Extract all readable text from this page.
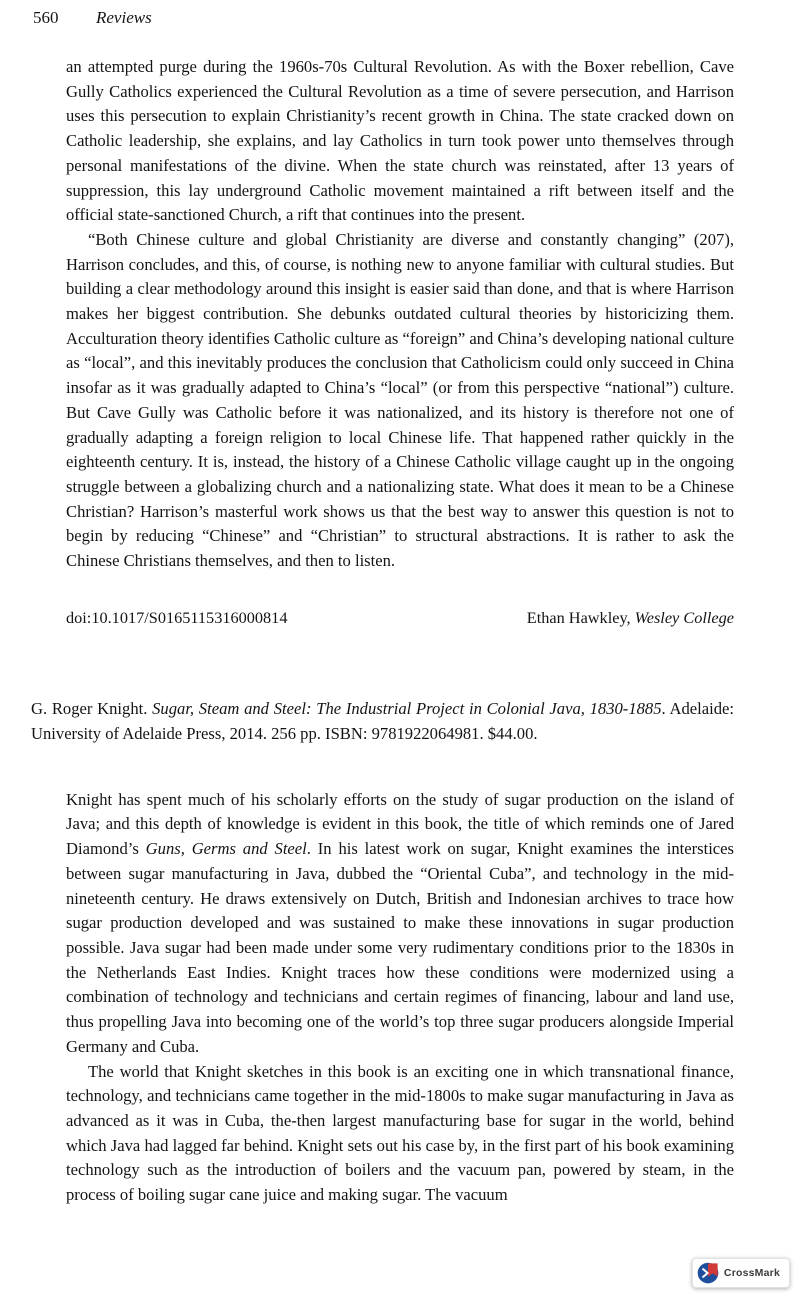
560	Reviews

an attempted purge during the 1960s-70s Cultural Revolution. As with the Boxer rebellion, Cave Gully Catholics experienced the Cultural Revolution as a time of severe persecution, and Harrison uses this persecution to explain Christianity’s recent growth in China. The state cracked down on Catholic leadership, she explains, and lay Catholics in turn took power unto themselves through personal manifestations of the divine. When the state church was reinstated, after 13 years of suppression, this lay underground Catholic movement maintained a rift between itself and the official state-sanctioned Church, a rift that continues into the present.

“Both Chinese culture and global Christianity are diverse and constantly changing” (207), Harrison concludes, and this, of course, is nothing new to anyone familiar with cultural studies. But building a clear methodology around this insight is easier said than done, and that is where Harrison makes her biggest contribution. She debunks outdated cultural theories by historicizing them. Acculturation theory identifies Catholic culture as “foreign” and China’s developing national culture as “local”, and this inevitably produces the conclusion that Catholicism could only succeed in China insofar as it was gradually adapted to China’s “local” (or from this perspective “national”) culture. But Cave Gully was Catholic before it was nationalized, and its history is therefore not one of gradually adapting a foreign religion to local Chinese life. That happened rather quickly in the eighteenth century. It is, instead, the history of a Chinese Catholic village caught up in the ongoing struggle between a globalizing church and a nationalizing state. What does it mean to be a Chinese Christian? Harrison’s masterful work shows us that the best way to answer this question is not to begin by reducing “Chinese” and “Christian” to structural abstractions. It is rather to ask the Chinese Christians themselves, and then to listen.

doi:10.1017/S0165115316000814	Ethan Hawkley, Wesley College
G. Roger Knight. Sugar, Steam and Steel: The Industrial Project in Colonial Java, 1830-1885. Adelaide: University of Adelaide Press, 2014. 256 pp. ISBN: 9781922064981. $44.00.

Knight has spent much of his scholarly efforts on the study of sugar production on the island of Java; and this depth of knowledge is evident in this book, the title of which reminds one of Jared Diamond’s Guns, Germs and Steel. In his latest work on sugar, Knight examines the interstices between sugar manufacturing in Java, dubbed the “Oriental Cuba”, and technology in the mid-nineteenth century. He draws extensively on Dutch, British and Indonesian archives to trace how sugar production developed and was sustained to make these innovations in sugar production possible. Java sugar had been made under some very rudimentary conditions prior to the 1830s in the Netherlands East Indies. Knight traces how these conditions were modernized using a combination of technology and technicians and certain regimes of financing, labour and land use, thus propelling Java into becoming one of the world’s top three sugar producers alongside Imperial Germany and Cuba.

The world that Knight sketches in this book is an exciting one in which transnational finance, technology, and technicians came together in the mid-1800s to make sugar manufacturing in Java as advanced as it was in Cuba, the-then largest manufacturing base for sugar in the world, behind which Java had lagged far behind. Knight sets out his case by, in the first part of his book examining technology such as the introduction of boilers and the vacuum pan, powered by steam, in the process of boiling sugar cane juice and making sugar. The vacuum

CrossMark
